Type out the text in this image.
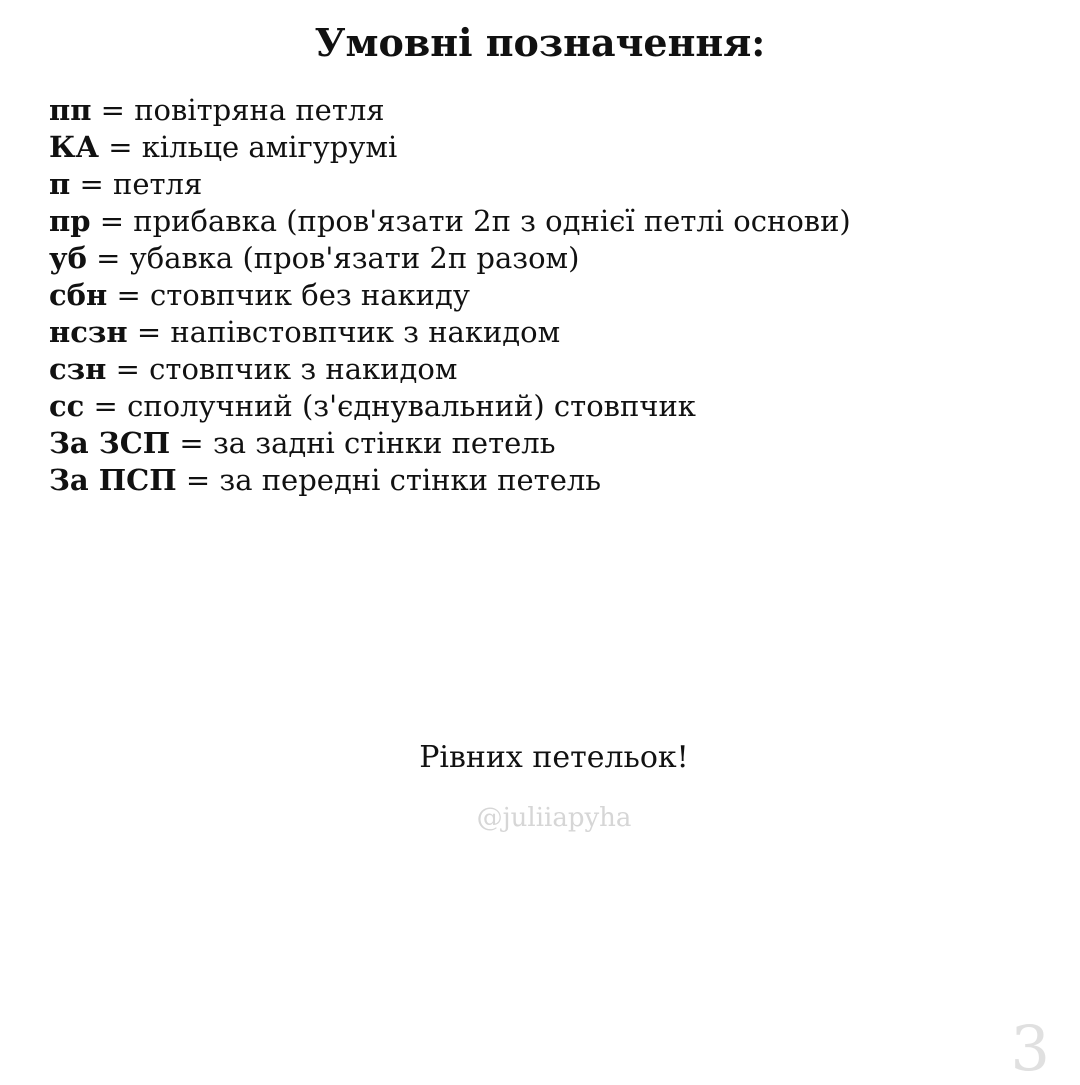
Умовні позначення:
пп = повітряна петля
КА = кільце амігурумі
п = петля
пр = прибавка (пров'язати 2п з однієї петлі основи)
уб = убавка (пров'язати 2п разом)
сбн = стовпчик без накиду
нсзн = напівстовпчик з накидом
сзн = стовпчик з накидом
сс = сполучний (з'єднувальний) стовпчик
За ЗСП = за задні стінки петель
За ПСП = за передні стінки петель
Рівних петельок!
@juliiapyha
3
